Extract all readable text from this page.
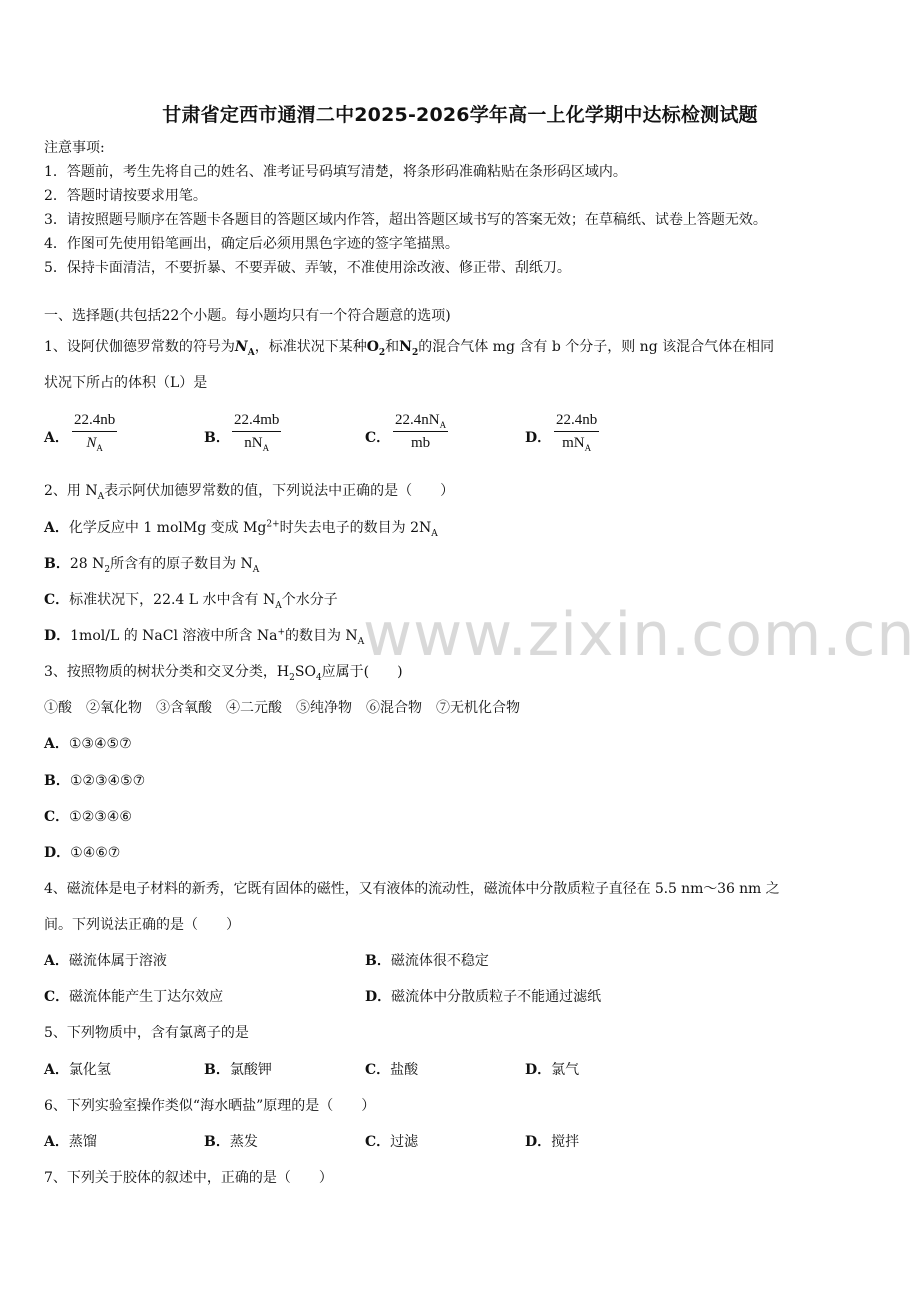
甘肃省定西市通渭二中2025-2026学年高一上化学期中达标检测试题
注意事项:
1．答题前，考生先将自己的姓名、准考证号码填写清楚，将条形码准确粘贴在条形码区域内。
2．答题时请按要求用笔。
3．请按照题号顺序在答题卡各题目的答题区域内作答，超出答题区域书写的答案无效；在草稿纸、试卷上答题无效。
4．作图可先使用铅笔画出，确定后必须用黑色字迹的签字笔描黑。
5．保持卡面清洁，不要折暴、不要弄破、弄皱，不准使用涂改液、修正带、刮纸刀。
一、选择题(共包括22个小题。每小题均只有一个符合题意的选项)
1、设阿伏伽德罗常数的符号为$N_A$，标准状况下某种$O_2$和$N_2$的混合气体 mg 含有 b 个分子，则 ng 该混合气体在相同
状况下所占的体积（L）是
A． $\frac{22.4nb}{N_A}$	B．
22.4mb
$nN_A$
C．
$22.4nN_A$
mb	D．
22.4nb
$mN_A$
2、用 $N_A$表示阿伏加德罗常数的值，下列说法中正确的是（　　）
A．化学反应中 1 molMg 变成 $Mg^{2+}$时失去电子的数目为 $2N_A$
B．28 $N_2$所含有的原子数目为 $N_A$
C．标准状况下，22.4 L 水中含有 $N_A$个水分子
D．1mol/L 的 NaCl 溶液中所含 Na+的数目为 $N_A$
3、按照物质的树状分类和交叉分类，$H_2SO_4$应属于(　　)
①酸　②氧化物　③含氧酸　④二元酸　⑤纯净物　⑥混合物　⑦无机化合物
A．①③④⑤⑦
B．①②③④⑤⑦
C．①②③④⑥
D．①④⑥⑦
4、磁流体是电子材料的新秀，它既有固体的磁性，又有液体的流动性，磁流体中分散质粒子直径在 5.5 nm～36 nm 之
间。下列说法正确的是（　　）
A．磁流体属于溶液	B．磁流体很不稳定
C．磁流体能产生丁达尔效应	D．磁流体中分散质粒子不能通过滤纸
5、下列物质中，含有氯离子的是
A．氯化氢	B．氯酸钾	C．盐酸	D．氯气
6、下列实验室操作类似“海水晒盐”原理的是（　　）
A．蒸馏	B．蒸发	C．过滤	D．搅拌
7、下列关于胶体的叙述中，正确的是（　　）
www.zixin.com.cn
